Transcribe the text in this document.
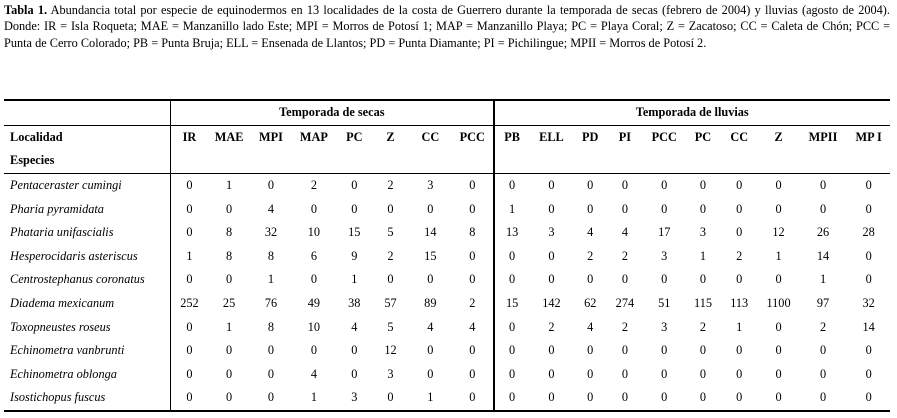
Tabla 1. Abundancia total por especie de equinodermos en 13 localidades de la costa de Guerrero durante la temporada de secas (febrero de 2004) y lluvias (agosto de 2004). Donde: IR = Isla Roqueta; MAE = Manzanillo lado Este; MPI = Morros de Potosí 1; MAP = Manzanillo Playa; PC = Playa Coral; Z = Zacatoso; CC = Caleta de Chón; PCC = Punta de Cerro Colorado; PB = Punta Bruja; ELL = Ensenada de Llantos; PD = Punta Diamante; PI = Pichilingue; MPII = Morros de Potosí 2.
	Temporada de secas								Temporada de lluvias									
Localidad	IR	MAE	MPI	MAP	PC	Z	CC	PCC	PB	ELL	PD	PI	PCC	PC	CC	Z	MPII	MP I
Especies																		
Pentaceraster cumingi	0	1	0	2	0	2	3	0	0	0	0	0	0	0	0	0	0	0
Pharia pyramidata	0	0	4	0	0	0	0	0	1	0	0	0	0	0	0	0	0	0
Phataria unifascialis	0	8	32	10	15	5	14	8	13	3	4	4	17	3	0	12	26	28
Hesperocidaris asteriscus	1	8	8	6	9	2	15	0	0	0	2	2	3	1	2	1	14	0
Centrostephanus coronatus	0	0	1	0	1	0	0	0	0	0	0	0	0	0	0	0	1	0
Diadema mexicanum	252	25	76	49	38	57	89	2	15	142	62	274	51	115	113	1100	97	32
Toxopneustes roseus	0	1	8	10	4	5	4	4	0	2	4	2	3	2	1	0	2	14
Echinometra vanbrunti	0	0	0	0	0	12	0	0	0	0	0	0	0	0	0	0	0	0
Echinometra oblonga	0	0	0	4	0	3	0	0	0	0	0	0	0	0	0	0	0	0
Isostichopus fuscus	0	0	0	1	3	0	1	0	0	0	0	0	0	0	0	0	0	0
